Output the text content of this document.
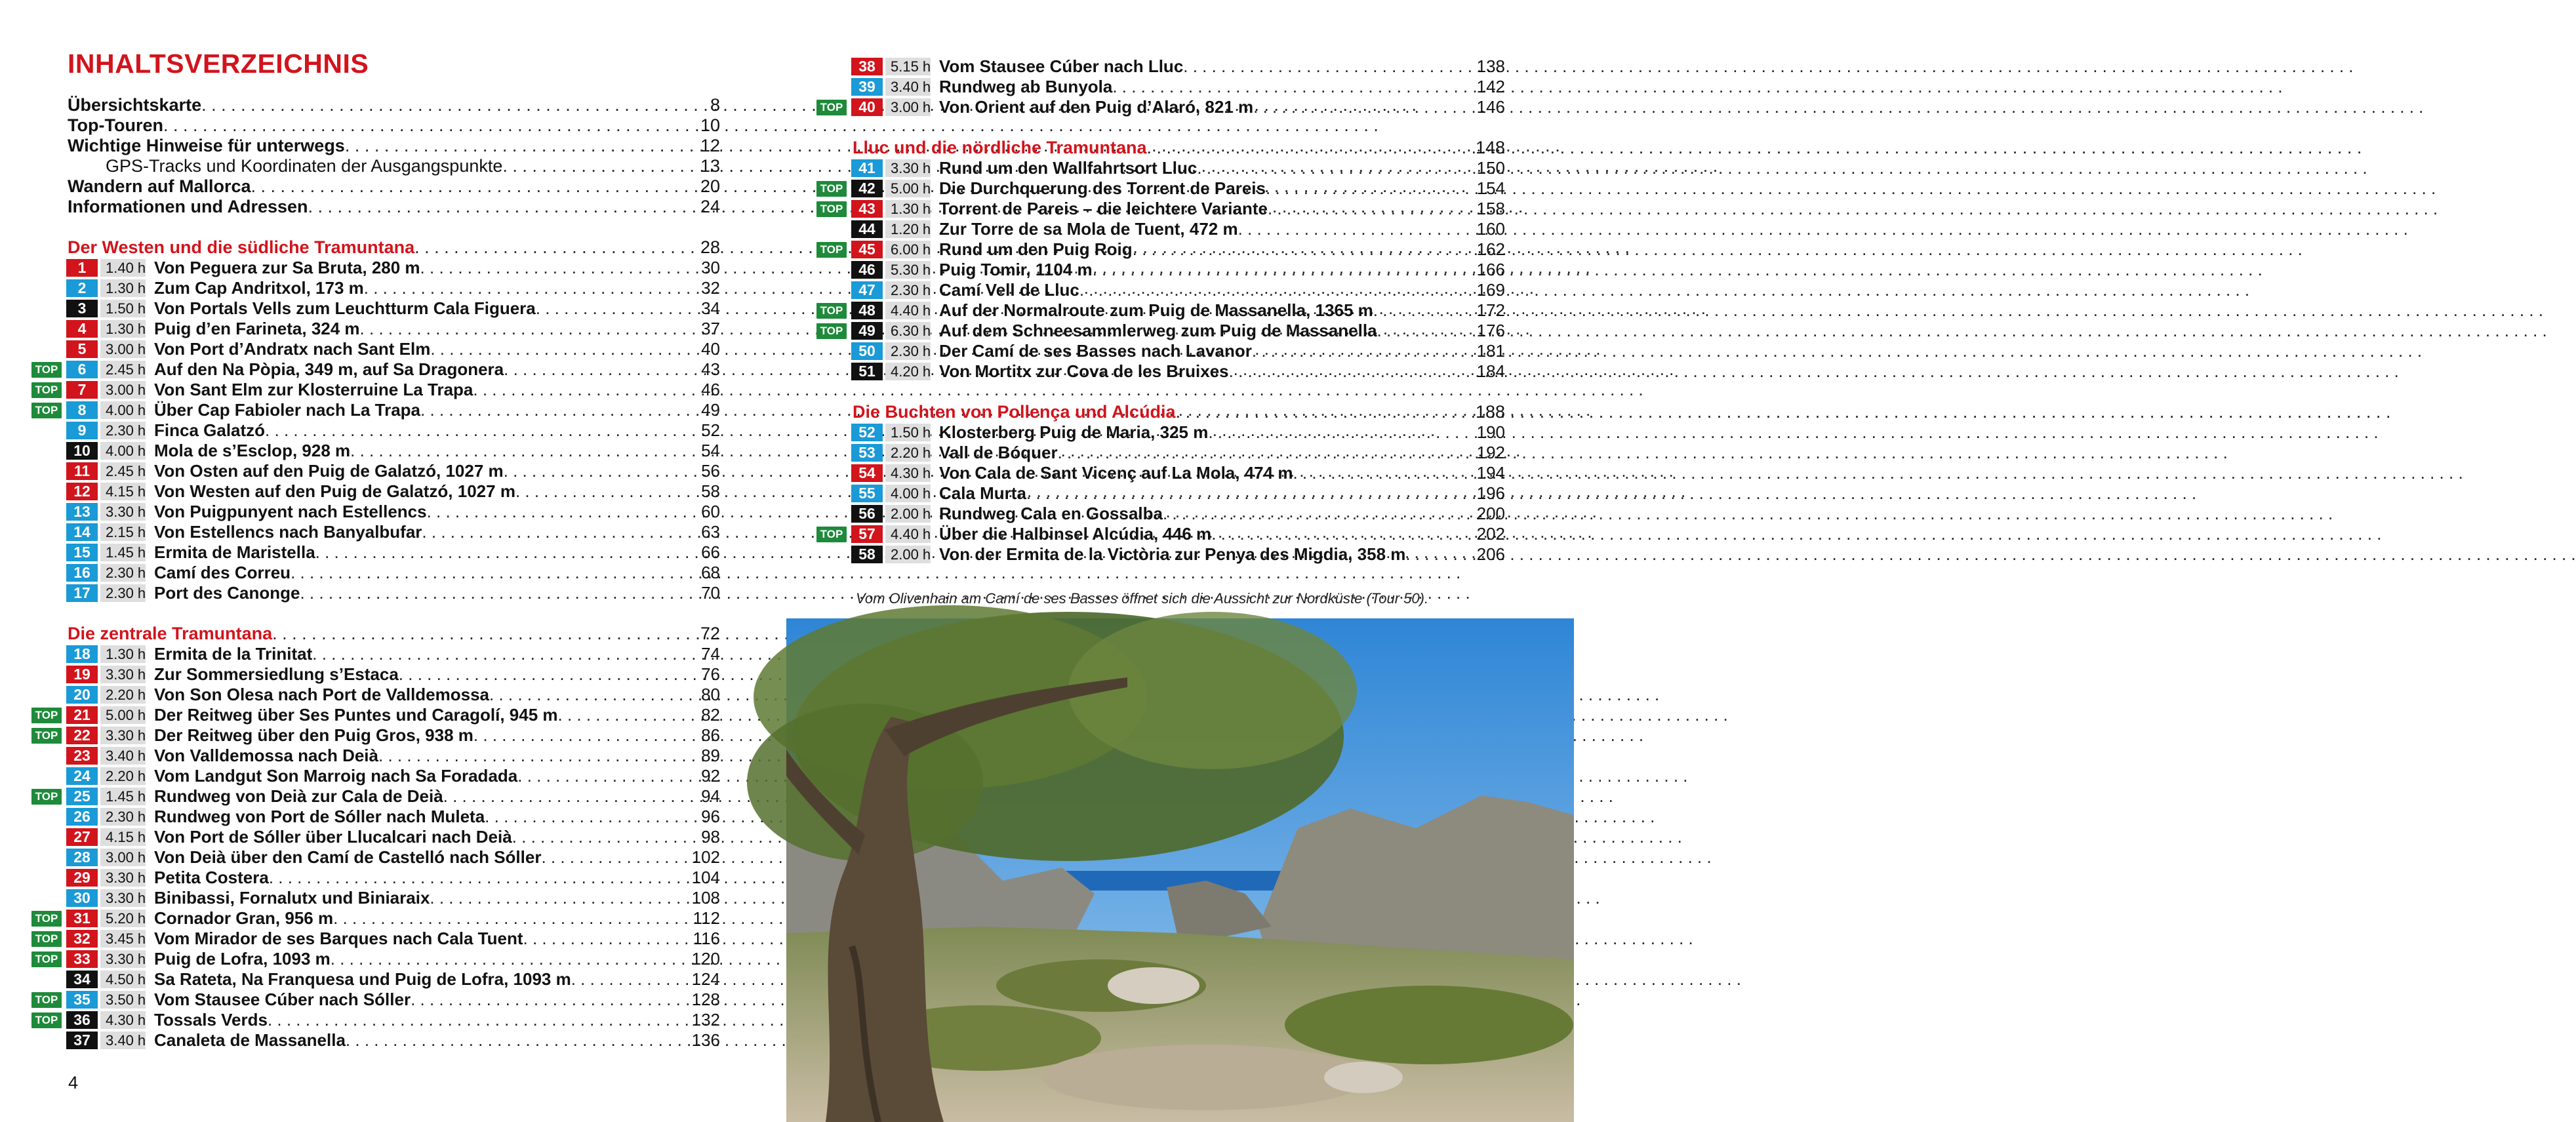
INHALTSVERZEICHNIS
Übersichtskarte . . .	8
Top-Touren . . .	10
Wichtige Hinweise für unterwegs . . .	12
GPS-Tracks und Koordinaten der Ausgangspunkte . . .	13
Wandern auf Mallorca . . .	20
Informationen und Adressen . . .	24
Der Westen und die südliche Tramuntana . . .	28
1	1.40 h Von Peguera zur Sa Bruta, 280 m . . .	30
2	1.30 h Zum Cap Andritxol, 173 m . . .	32
3	1.50 h Von Portals Vells zum Leuchtturm Cala Figuera . . .	34
4	1.30 h Puig d’en Farineta, 324 m . . .	37
5	3.00 h Von Port d’Andratx nach Sant Elm . . .	40
TOP	6	2.45 h Auf den Na Pòpia, 349 m, auf Sa Dragonera . . .	43
TOP	7	3.00 h Von Sant Elm zur Klosterruine La Trapa . . .	46
TOP	8	4.00 h Über Cap Fabioler nach La Trapa . . .	49
9	2.30 h Finca Galatzó . . .	52
10	4.00 h Mola de s’Esclop, 928 m . . .	54
11	2.45 h Von Osten auf den Puig de Galatzó, 1027 m . . .	56
12	4.15 h Von Westen auf den Puig de Galatzó, 1027 m . . .	58
13	3.30 h Von Puigpunyent nach Estellencs . . .	60
14	2.15 h Von Estellencs nach Banyalbufar . . .	63
15	1.45 h Ermita de Maristella . . .	66
16	2.30 h Camí des Correu . . .	68
17	2.30 h Port des Canonge . . .	70
Die zentrale Tramuntana . . .	72
18	1.30 h Ermita de la Trinitat . . .	74
19	3.30 h Zur Sommersiedlung s’Estaca . . .	76
20	2.20 h Von Son Olesa nach Port de Valldemossa . . .	80
TOP	21	5.00 h Der Reitweg über Ses Puntes und Caragolí, 945 m . . .	82
TOP	22	3.30 h Der Reitweg über den Puig Gros, 938 m . . .	86
23	3.40 h Von Valldemossa nach Deià . . .	89
24	2.20 h Vom Landgut Son Marroig nach Sa Foradada . . .	92
TOP	25	1.45 h Rundweg von Deià zur Cala de Deià . . .	94
26	2.30 h Rundweg von Port de Sóller nach Muleta . . .	96
27	4.15 h Von Port de Sóller über Llucalcari nach Deià . . .	98
28	3.00 h Von Deià über den Camí de Castelló nach Sóller . . .	102
29	3.30 h Petita Costera . . .	104
30	3.30 h Binibassi, Fornalutx und Biniaraix . . .	108
TOP	31	5.20 h Cornador Gran, 956 m . . .	112
TOP	32	3.45 h Vom Mirador de ses Barques nach Cala Tuent . . .	116
TOP	33	3.30 h Puig de Lofra, 1093 m . . .	120
34	4.50 h Sa Rateta, Na Franquesa und Puig de Lofra, 1093 m . . .	124
TOP	35	3.50 h Vom Stausee Cúber nach Sóller . . .	128
TOP	36	4.30 h Tossals Verds . . .	132
37	3.40 h Canaleta de Massanella . . .	136
38	5.15 h Vom Stausee Cúber nach Lluc . . .	138
39	3.40 h Rundweg ab Bunyola . . .	142
TOP	40	3.00 h Von Orient auf den Puig d’Alaró, 821 m . . .	146
Lluc und die nördliche Tramuntana . . .	148
41	3.30 h Rund um den Wallfahrtsort Lluc . . .	150
TOP	42	5.00 h Die Durchquerung des Torrent de Pareis . . .	154
TOP	43	1.30 h Torrent de Pareis – die leichtere Variante . . .	158
44	1.20 h Zur Torre de sa Mola de Tuent, 472 m . . .	160
TOP	45	6.00 h Rund um den Puig Roig . . .	162
46	5.30 h Puig Tomir, 1104 m . . .	166
47	2.30 h Camí Vell de Lluc . . .	169
TOP	48	4.40 h Auf der Normalroute zum Puig de Massanella, 1365 m . . .	172
TOP	49	6.30 h Auf dem Schneesammlerweg zum Puig de Massanella . . .	176
50	2.30 h Der Camí de ses Basses nach Lavanor . . .	181
51	4.20 h Von Mortitx zur Cova de les Bruixes . . .	184
Die Buchten von Pollença und Alcúdia . . .	188
52	1.50 h Klosterberg Puig de Maria, 325 m . . .	190
53	2.20 h Vall de Bóquer . . .	192
54	4.30 h Von Cala de Sant Vicenç auf La Mola, 474 m . . .	194
55	4.00 h Cala Murta . . .	196
56	2.00 h Rundweg Cala en Gossalba . . .	200
TOP	57	4.40 h Über die Halbinsel Alcúdia, 446 m . . .	202
58	2.00 h Von der Ermita de la Victòria zur Penya des Migdia, 358 m . . .	206
Vom Olivenhain am Camí de ses Basses öffnet sich die Aussicht zur Nordküste (Tour 50).
4
